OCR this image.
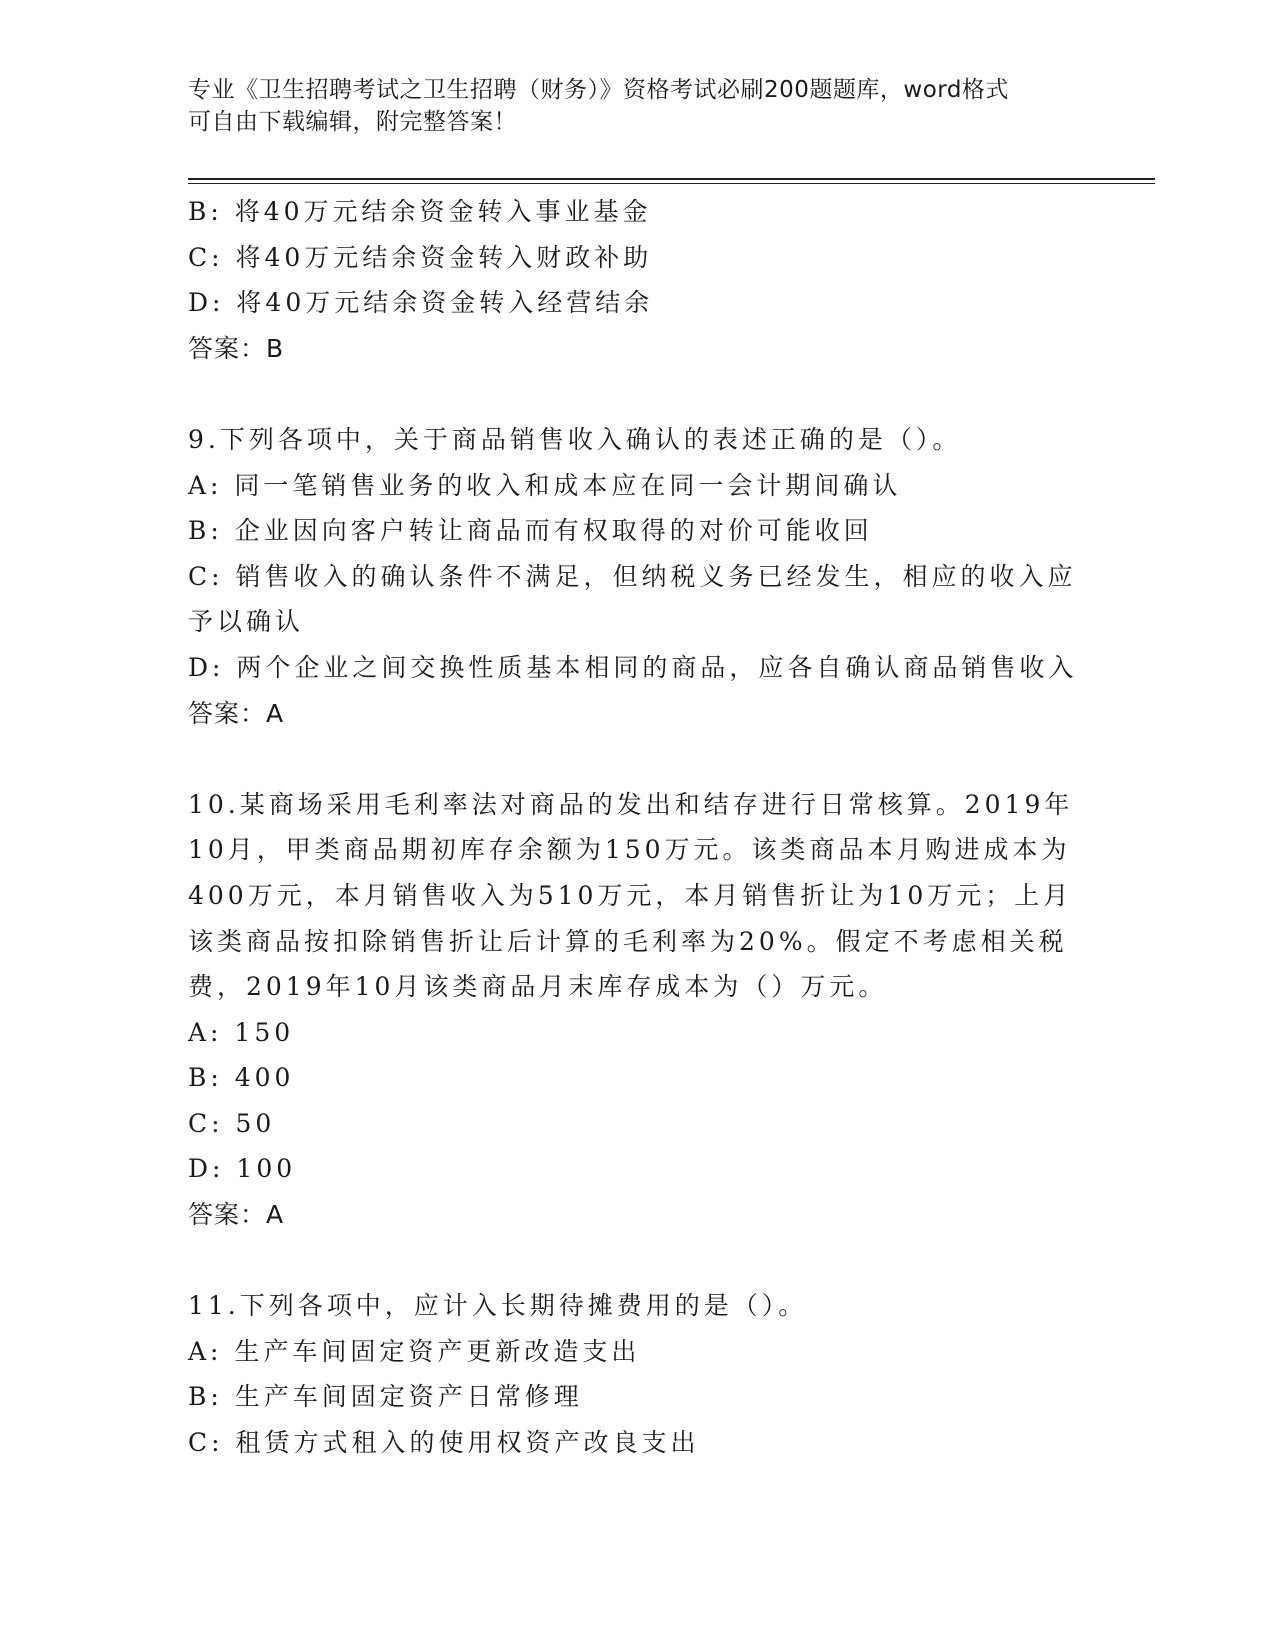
专业《卫生招聘考试之卫生招聘（财务）》资格考试必刷200题题库，word格式
可自由下载编辑，附完整答案！
B: 将40万元结余资金转入事业基金
C: 将40万元结余资金转入财政补助
D: 将40万元结余资金转入经营结余
答案：B
9.下列各项中，关于商品销售收入确认的表述正确的是（）。
A: 同一笔销售业务的收入和成本应在同一会计期间确认
B: 企业因向客户转让商品而有权取得的对价可能收回
C: 销售收入的确认条件不满足，但纳税义务已经发生，相应的收入应
予以确认
D: 两个企业之间交换性质基本相同的商品，应各自确认商品销售收入
答案：A
10.某商场采用毛利率法对商品的发出和结存进行日常核算。2019年
10月，甲类商品期初库存余额为150万元。该类商品本月购进成本为
400万元，本月销售收入为510万元，本月销售折让为10万元；上月
该类商品按扣除销售折让后计算的毛利率为20%。假定不考虑相关税
费，2019年10月该类商品月末库存成本为（）万元。
A: 150
B: 400
C: 50
D: 100
答案：A
11.下列各项中，应计入长期待摊费用的是（）。
A: 生产车间固定资产更新改造支出
B: 生产车间固定资产日常修理
C: 租赁方式租入的使用权资产改良支出
